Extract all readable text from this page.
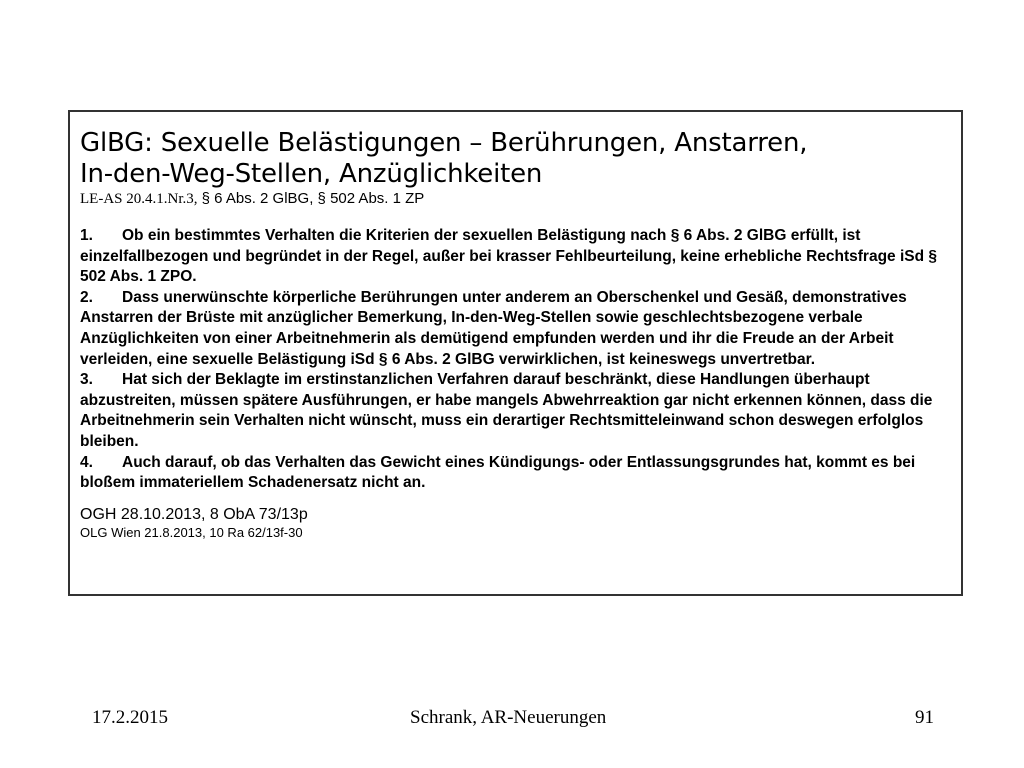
GlBG: Sexuelle Belästigungen – Berührungen, Anstarren,
In-den-Weg-Stellen, Anzüglichkeiten
LE-AS 20.4.1.Nr.3, § 6 Abs. 2 GlBG, § 502 Abs. 1 ZP

1. Ob ein bestimmtes Verhalten die Kriterien der sexuellen Belästigung nach § 6 Abs. 2 GlBG erfüllt, ist einzelfallbezogen und begründet in der Regel, außer bei krasser Fehlbeurteilung, keine erhebliche Rechtsfrage iSd § 502 Abs. 1 ZPO.

2. Dass unerwünschte körperliche Berührungen unter anderem an Oberschenkel und Gesäß, demonstratives Anstarren der Brüste mit anzüglicher Bemerkung, In-den-Weg-Stellen sowie geschlechtsbezogene verbale Anzüglichkeiten von einer Arbeitnehmerin als demütigend empfunden werden und ihr die Freude an der Arbeit verleiden, eine sexuelle Belästigung iSd § 6 Abs. 2 GlBG verwirklichen, ist keineswegs unvertretbar.

3. Hat sich der Beklagte im erstinstanzlichen Verfahren darauf beschränkt, diese Handlungen überhaupt abzustreiten, müssen spätere Ausführungen, er habe mangels Abwehrreaktion gar nicht erkennen können, dass die Arbeitnehmerin sein Verhalten nicht wünscht, muss ein derartiger Rechtsmitteleinwand schon deswegen erfolglos bleiben.

4. Auch darauf, ob das Verhalten das Gewicht eines Kündigungs- oder Entlassungsgrundes hat, kommt es bei bloßem immateriellem Schadenersatz nicht an.

OGH 28.10.2013, 8 ObA 73/13p
OLG Wien 21.8.2013, 10 Ra 62/13f-30
17.2.2015	Schrank, AR-Neuerungen	91
